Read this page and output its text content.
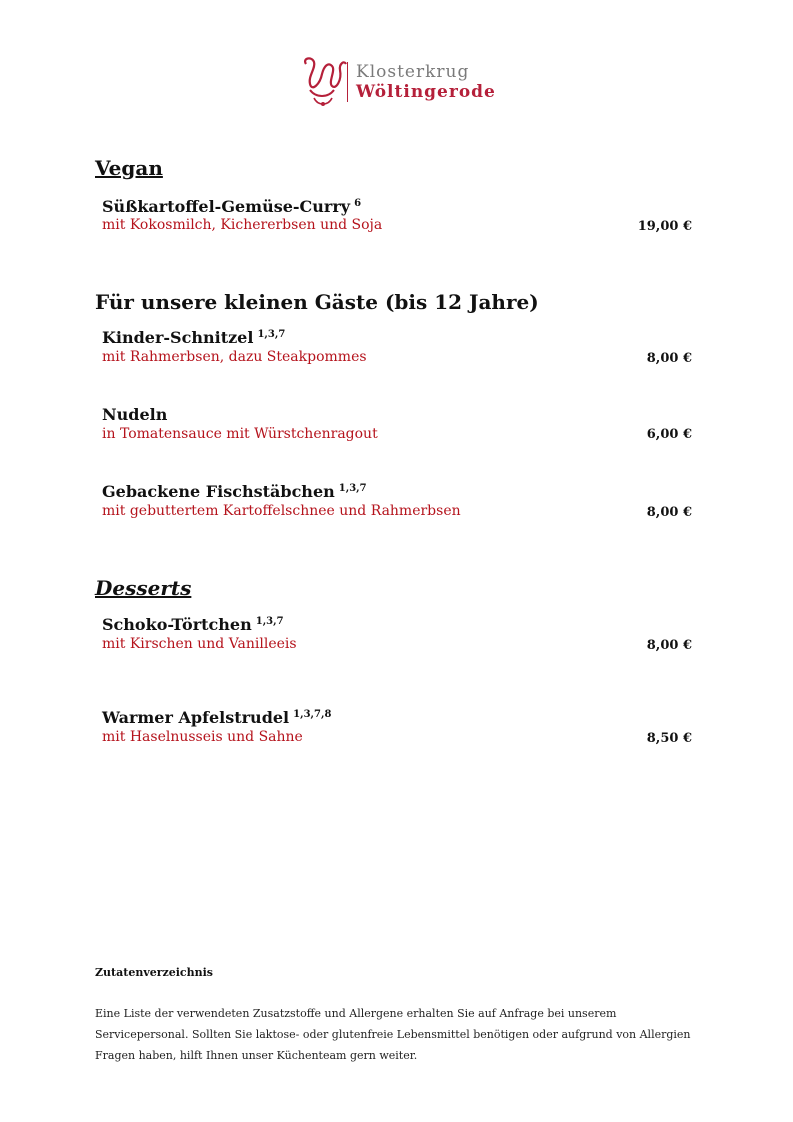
Klosterkrug
Wöltingerode
Vegan
Süßkartoffel-Gemüse-Curry $^6$
mit Kokosmilch, Kichererbsen und Soja	19,00 €
Für unsere kleinen Gäste (bis 12 Jahre)
Kinder-Schnitzel $^{1,3,7}$
mit Rahmerbsen, dazu Steakpommes	8,00 €
Nudeln
in Tomatensauce mit Würstchenragout	6,00 €
Gebackene Fischstäbchen $^{1,3,7}$
mit gebuttertem Kartoffelschnee und Rahmerbsen	8,00 €
Desserts
Schoko-Törtchen $^{1,3,7}$
mit Kirschen und Vanilleeis	8,00 €
Warmer Apfelstrudel $^{1,3,7,8}$
mit Haselnusseis und Sahne	8,50 €
Zutatenverzeichnis
Eine Liste der verwendeten Zusatzstoffe und Allergene erhalten Sie auf Anfrage bei unserem Servicepersonal. Sollten Sie laktose- oder glutenfreie Lebensmittel benötigen oder aufgrund von Allergien Fragen haben, hilft Ihnen unser Küchenteam gern weiter.
